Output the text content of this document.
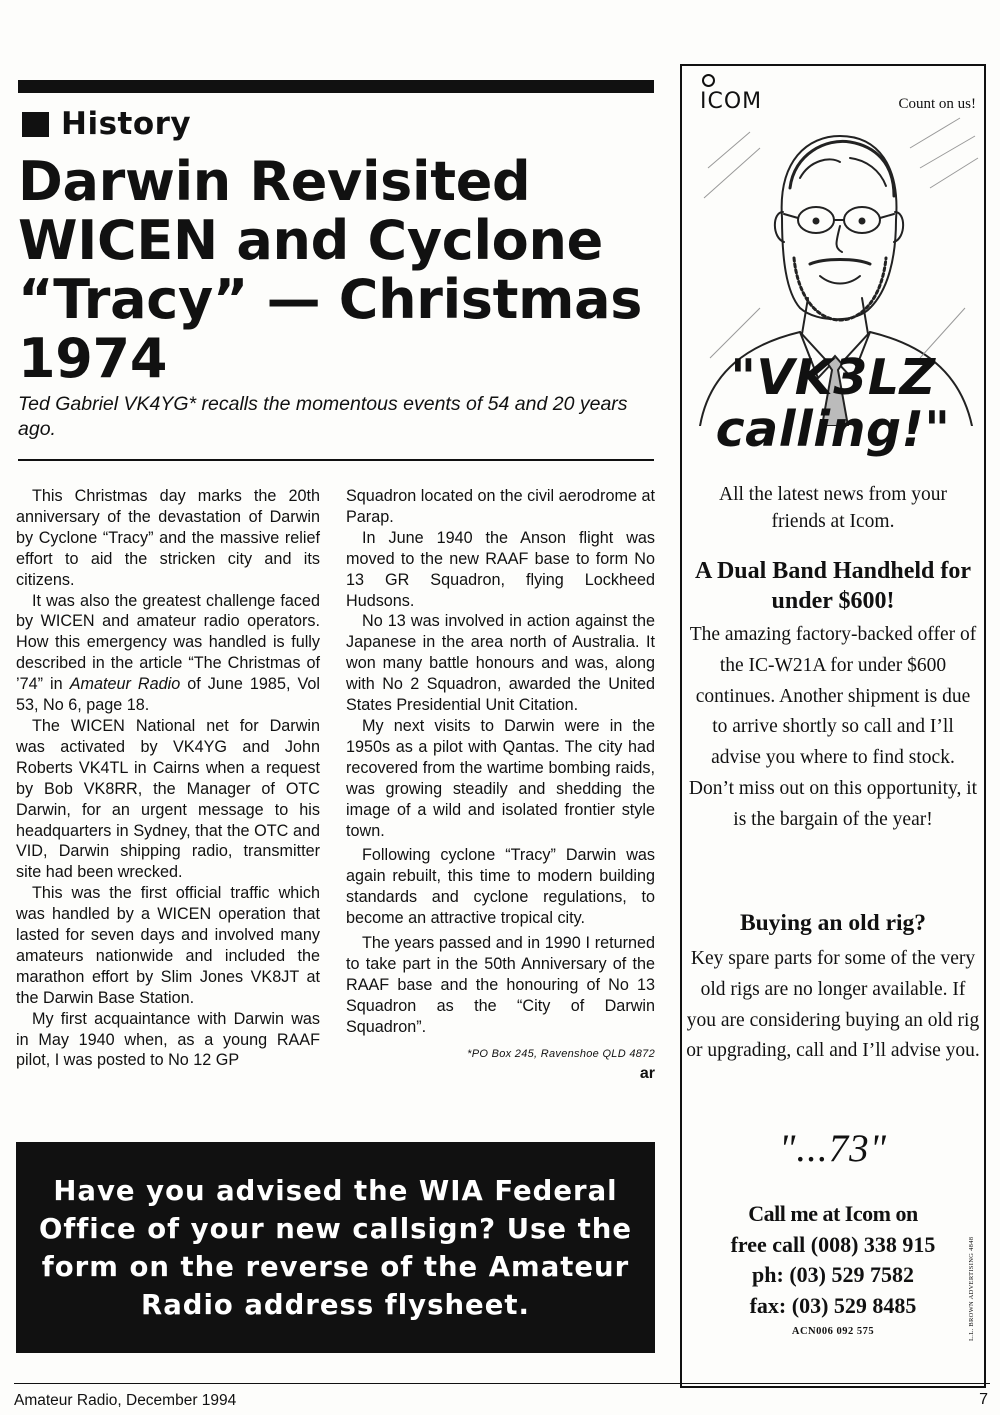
History
Darwin Revisited
WICEN and Cyclone
“Tracy” — Christmas
1974

Ted Gabriel VK4YG* recalls the momentous events of 54 and 20 years ago.

This Christmas day marks the 20th anniversary of the devastation of Darwin by Cyclone “Tracy” and the massive relief effort to aid the stricken city and its citizens.

It was also the greatest challenge faced by WICEN and amateur radio operators. How this emergency was handled is fully described in the article “The Christmas of ’74” in Amateur Radio of June 1985, Vol 53, No 6, page 18.

The WICEN National net for Darwin was activated by VK4YG and John Roberts VK4TL in Cairns when a request by Bob VK8RR, the Manager of OTC Darwin, for an urgent message to his headquarters in Sydney, that the OTC and VID, Darwin shipping radio, transmitter site had been wrecked.

This was the first official traffic which was handled by a WICEN operation that lasted for seven days and involved many amateurs nationwide and included the marathon effort by Slim Jones VK8JT at the Darwin Base Station.

My first acquaintance with Darwin was in May 1940 when, as a young RAAF pilot, I was posted to No 12 GP

Squadron located on the civil aerodrome at Parap.

In June 1940 the Anson flight was moved to the new RAAF base to form No 13 GR Squadron, flying Lockheed Hudsons.

No 13 was involved in action against the Japanese in the area north of Australia. It won many battle honours and was, along with No 2 Squadron, awarded the United States Presidential Unit Citation.

My next visits to Darwin were in the 1950s as a pilot with Qantas. The city had recovered from the wartime bombing raids, was growing steadily and shedding the image of a wild and isolated frontier style town.

Following cyclone “Tracy” Darwin was again rebuilt, this time to modern building standards and cyclone regulations, to become an attractive tropical city.

The years passed and in 1990 I returned to take part in the 50th Anniversary of the RAAF base and the honouring of No 13 Squadron as the “City of Darwin Squadron”.

*PO Box 245, Ravenshoe QLD 4872
ar

Have you advised the WIA Federal Office of your new callsign? Use the form on the reverse of the Amateur Radio address flysheet.

ICOM	Count on us!
"VK3LZ
calling!"

All the latest news from your friends at Icom.

A Dual Band Handheld for under $600!

The amazing factory-backed offer of the IC-W21A for under $600 continues. Another shipment is due to arrive shortly so call and I’ll advise you where to find stock. Don’t miss out on this opportunity, it is the bargain of the year!

Buying an old rig?

Key spare parts for some of the very old rigs are no longer available. If you are considering buying an old rig or upgrading, call and I’ll advise you.

"...73"

Call me at Icom on
free call (008) 338 915
ph: (03) 529 7582
fax: (03) 529 8485

ACN006 092 575	L.L. BROWN ADVERTISING 4848
Amateur Radio, December 1994	7
